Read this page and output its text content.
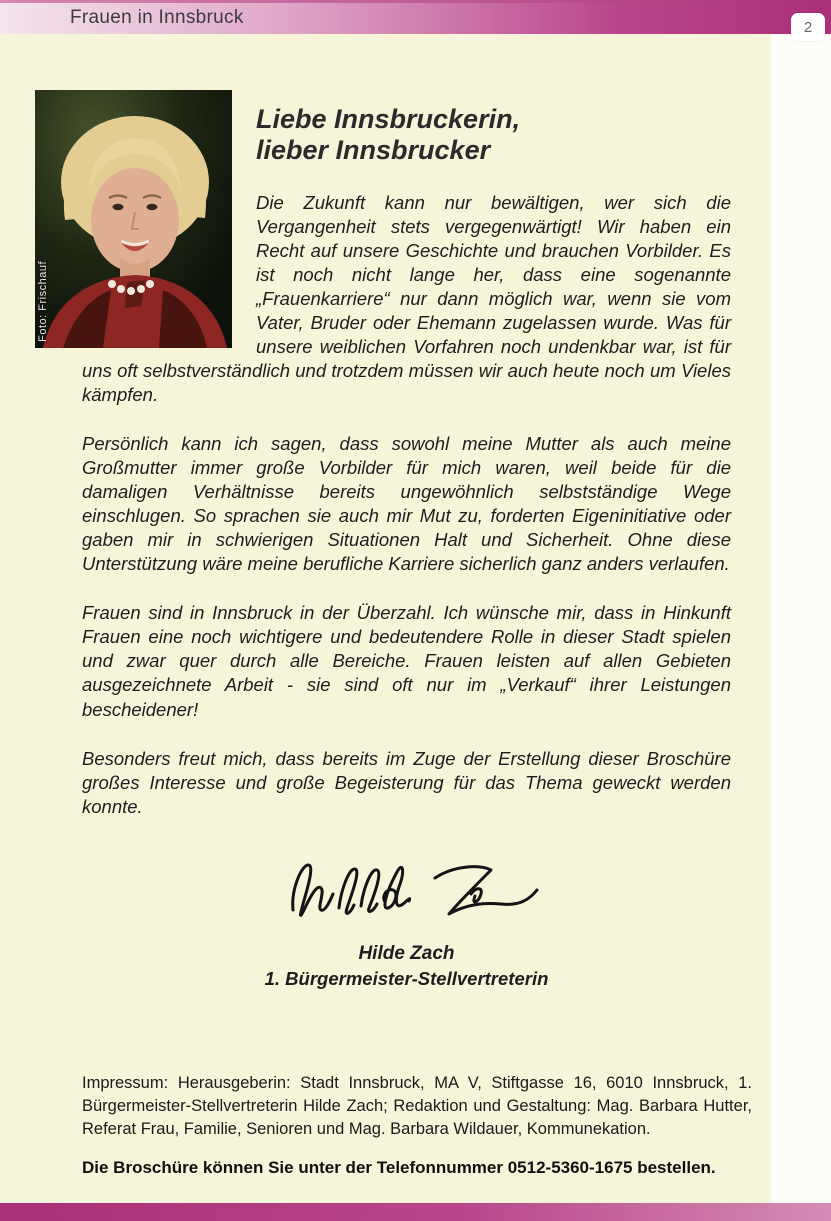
Frauen in Innsbruck	2
Foto: Frischauf
Liebe Innsbruckerin,
lieber Innsbrucker

Die Zukunft kann nur bewältigen, wer sich die Vergangenheit stets vergegenwärtigt! Wir haben ein Recht auf unsere Geschichte und brauchen Vorbilder. Es ist noch nicht lange her, dass eine sogenannte „Frauenkarriere“ nur dann möglich war, wenn sie vom Vater, Bruder oder Ehemann zugelassen wurde. Was für unsere weiblichen Vorfahren noch undenkbar war, ist für uns oft selbstverständlich und trotzdem müssen wir auch heute noch um Vieles kämpfen.

Persönlich kann ich sagen, dass sowohl meine Mutter als auch meine Großmutter immer große Vorbilder für mich waren, weil beide für die damaligen Verhältnisse bereits ungewöhnlich selbstständige Wege einschlugen. So sprachen sie auch mir Mut zu, forderten Eigeninitiative oder gaben mir in schwierigen Situationen Halt und Sicherheit. Ohne diese Unterstützung wäre meine berufliche Karriere sicherlich ganz anders verlaufen.

Frauen sind in Innsbruck in der Überzahl. Ich wünsche mir, dass in Hinkunft Frauen eine noch wichtigere und bedeutendere Rolle in dieser Stadt spielen und zwar quer durch alle Bereiche. Frauen leisten auf allen Gebieten ausgezeichnete Arbeit - sie sind oft nur im „Verkauf“ ihrer Leistungen bescheidener!

Besonders freut mich, dass bereits im Zuge der Erstellung dieser Broschüre großes Interesse und große Begeisterung für das Thema geweckt werden konnte.

Hilde Zach
1. Bürgermeister-Stellvertreterin
Impressum: Herausgeberin: Stadt Innsbruck, MA V, Stiftgasse 16, 6010 Innsbruck, 1. Bürgermeister-Stellvertreterin Hilde Zach; Redaktion und Gestaltung: Mag. Barbara Hutter, Referat Frau, Familie, Senioren und Mag. Barbara Wildauer, Kommunekation.
Die Broschüre können Sie unter der Telefonnummer 0512-5360-1675 bestellen.
